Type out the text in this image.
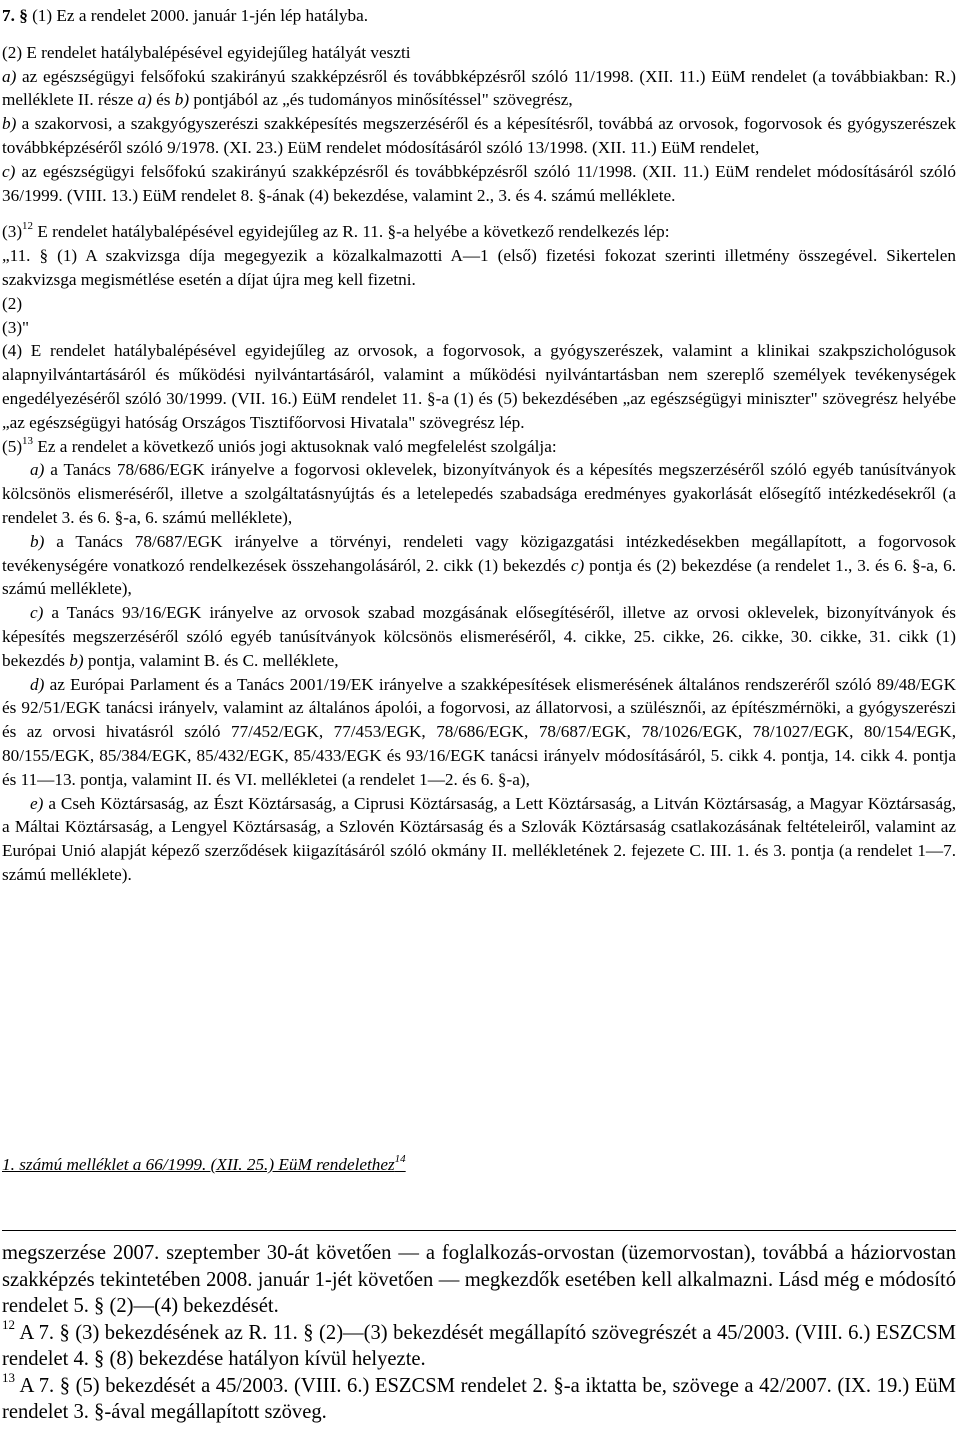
7. § (1) Ez a rendelet 2000. január 1-jén lép hatályba.

(2) E rendelet hatálybalépésével egyidejűleg hatályát veszti

a) az egészségügyi felsőfokú szakirányú szakképzésről és továbbképzésről szóló 11/1998. (XII. 11.) EüM rendelet (a továbbiakban: R.) melléklete II. része a) és b) pontjából az „és tudományos minősítéssel" szövegrész,

b) a szakorvosi, a szakgyógyszerészi szakképesítés megszerzéséről és a képesítésről, továbbá az orvosok, fogorvosok és gyógyszerészek továbbképzéséről szóló 9/1978. (XI. 23.) EüM rendelet módosításáról szóló 13/1998. (XII. 11.) EüM rendelet,

c) az egészségügyi felsőfokú szakirányú szakképzésről és továbbképzésről szóló 11/1998. (XII. 11.) EüM rendelet módosításáról szóló 36/1999. (VIII. 13.) EüM rendelet 8. §-ának (4) bekezdése, valamint 2., 3. és 4. számú melléklete.

(3)$^{12}$ E rendelet hatálybalépésével egyidejűleg az R. 11. §-a helyébe a következő rendelkezés lép:

„11. § (1) A szakvizsga díja megegyezik a közalkalmazotti A—1 (első) fizetési fokozat szerinti illetmény összegével. Sikertelen szakvizsga megismétlése esetén a díjat újra meg kell fizetni.

(2)

(3)"

(4) E rendelet hatálybalépésével egyidejűleg az orvosok, a fogorvosok, a gyógyszerészek, valamint a klinikai szakpszichológusok alapnyilvántartásáról és működési nyilvántartásáról, valamint a működési nyilvántartásban nem szereplő személyek tevékenységek engedélyezéséről szóló 30/1999. (VII. 16.) EüM rendelet 11. §-a (1) és (5) bekezdésében „az egészségügyi miniszter" szövegrész helyébe „az egészségügyi hatóság Országos Tisztifőorvosi Hivatala" szövegrész lép.

(5)$^{13}$ Ez a rendelet a következő uniós jogi aktusoknak való megfelelést szolgálja:

a) a Tanács 78/686/EGK irányelve a fogorvosi oklevelek, bizonyítványok és a képesítés megszerzéséről szóló egyéb tanúsítványok kölcsönös elismeréséről, illetve a szolgáltatásnyújtás és a letelepedés szabadsága eredményes gyakorlását elősegítő intézkedésekről (a rendelet 3. és 6. §-a, 6. számú melléklete),

b) a Tanács 78/687/EGK irányelve a törvényi, rendeleti vagy közigazgatási intézkedésekben megállapított, a fogorvosok tevékenységére vonatkozó rendelkezések összehangolásáról, 2. cikk (1) bekezdés c) pontja és (2) bekezdése (a rendelet 1., 3. és 6. §-a, 6. számú melléklete),

c) a Tanács 93/16/EGK irányelve az orvosok szabad mozgásának elősegítéséről, illetve az orvosi oklevelek, bizonyítványok és képesítés megszerzéséről szóló egyéb tanúsítványok kölcsönös elismeréséről, 4. cikke, 25. cikke, 26. cikke, 30. cikke, 31. cikk (1) bekezdés b) pontja, valamint B. és C. melléklete,

d) az Európai Parlament és a Tanács 2001/19/EK irányelve a szakképesítések elismerésének általános rendszeréről szóló 89/48/EGK és 92/51/EGK tanácsi irányelv, valamint az általános ápolói, a fogorvosi, az állatorvosi, a szülésznői, az építészmérnöki, a gyógyszerészi és az orvosi hivatásról szóló 77/452/EGK, 77/453/EGK, 78/686/EGK, 78/687/EGK, 78/1026/EGK, 78/1027/EGK, 80/154/EGK, 80/155/EGK, 85/384/EGK, 85/432/EGK, 85/433/EGK és 93/16/EGK tanácsi irányelv módosításáról, 5. cikk 4. pontja, 14. cikk 4. pontja és 11—13. pontja, valamint II. és VI. mellékletei (a rendelet 1—2. és 6. §-a),

e) a Cseh Köztársaság, az Észt Köztársaság, a Ciprusi Köztársaság, a Lett Köztársaság, a Litván Köztársaság, a Magyar Köztársaság, a Máltai Köztársaság, a Lengyel Köztársaság, a Szlovén Köztársaság és a Szlovák Köztársaság csatlakozásának feltételeiről, valamint az Európai Unió alapját képező szerződések kiigazításáról szóló okmány II. mellékletének 2. fejezete C. III. 1. és 3. pontja (a rendelet 1—7. számú melléklete).

1. számú melléklet a 66/1999. (XII. 25.) EüM rendelethez$^{14}$

megszerzése 2007. szeptember 30-át követően — a foglalkozás-orvostan (üzemorvostan), továbbá a háziorvostan szakképzés tekintetében 2008. január 1-jét követően — megkezdők esetében kell alkalmazni. Lásd még e módosító rendelet 5. § (2)—(4) bekezdését.

$^{12}$ A 7. § (3) bekezdésének az R. 11. § (2)—(3) bekezdését megállapító szövegrészét a 45/2003. (VIII. 6.) ESZCSM rendelet 4. § (8) bekezdése hatályon kívül helyezte.

$^{13}$ A 7. § (5) bekezdését a 45/2003. (VIII. 6.) ESZCSM rendelet 2. §-a iktatta be, szövege a 42/2007. (IX. 19.) EüM rendelet 3. §-ával megállapított szöveg.
